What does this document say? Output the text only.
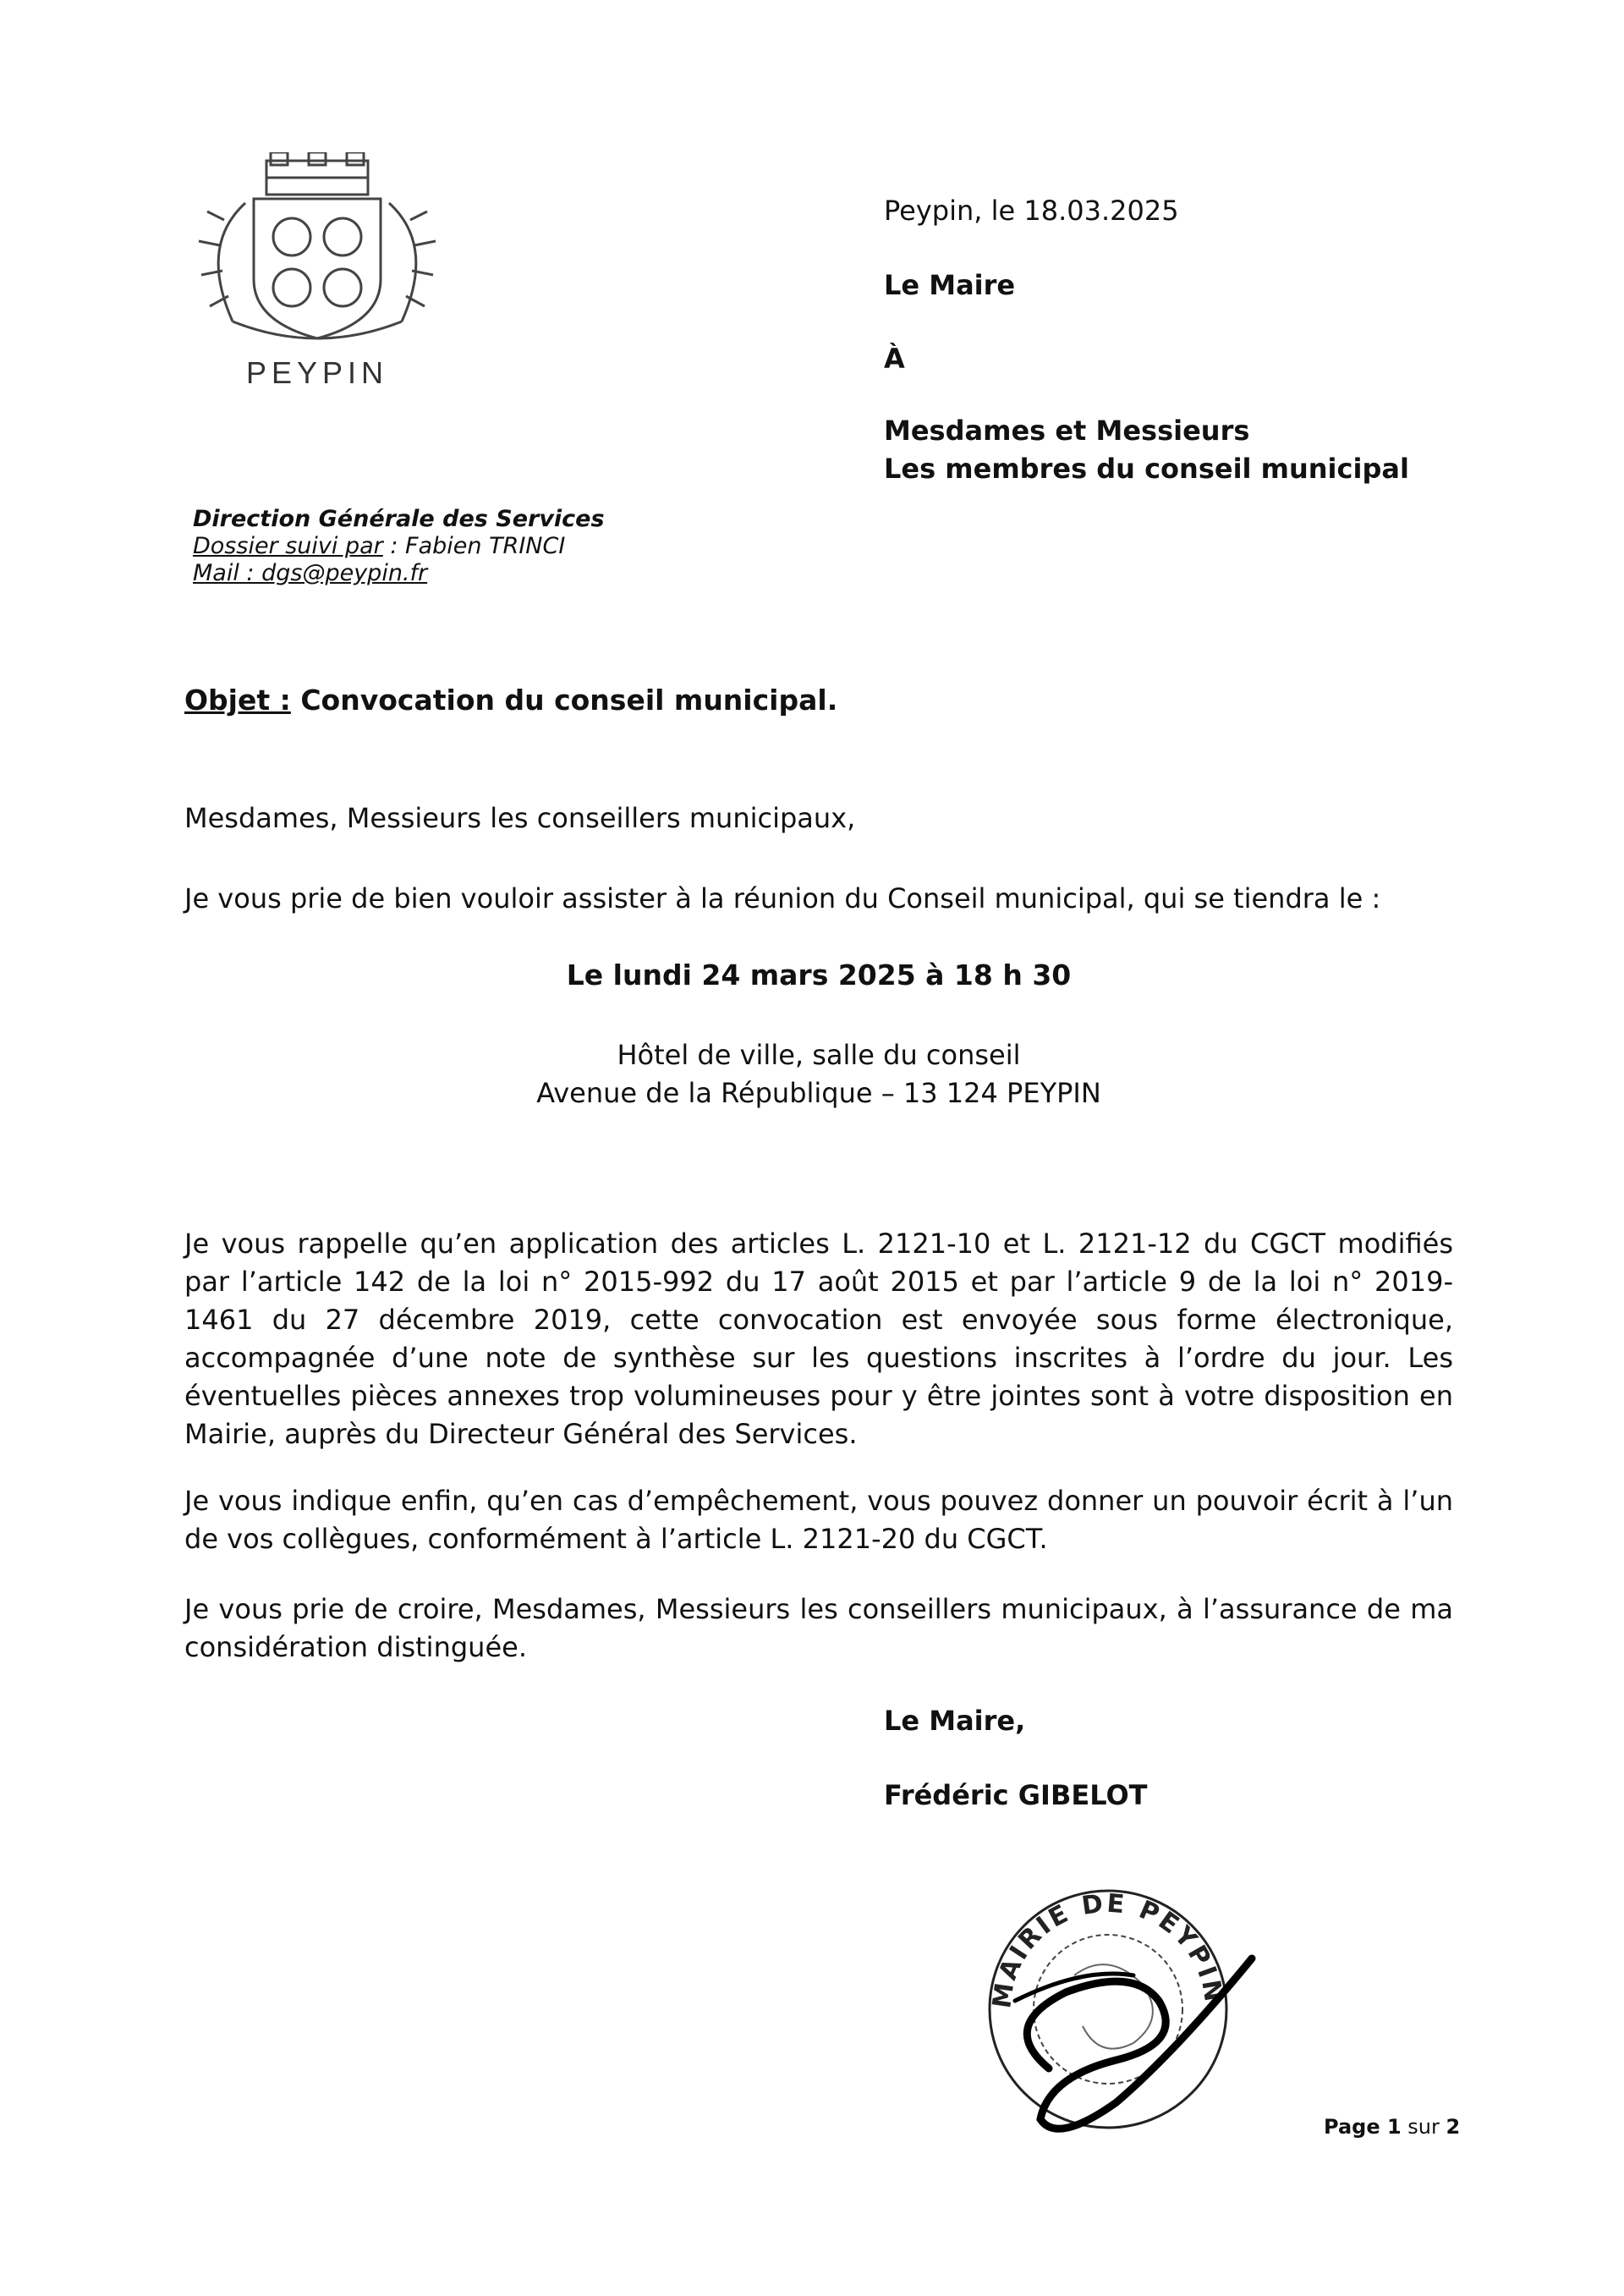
PEYPIN
Peypin, le 18.03.2025
Le Maire
À
Mesdames et Messieurs
Les membres du conseil municipal
Direction Générale des Services
Dossier suivi par : Fabien TRINCI
Mail : dgs@peypin.fr
Objet : Convocation du conseil municipal.
Mesdames, Messieurs les conseillers municipaux,
Je vous prie de bien vouloir assister à la réunion du Conseil municipal, qui se tiendra le :
Le lundi 24 mars 2025 à 18 h 30
Hôtel de ville, salle du conseil
Avenue de la République – 13 124 PEYPIN
Je vous rappelle qu’en application des articles L. 2121-10 et L. 2121-12 du CGCT modifiés par l’article 142 de la loi n° 2015-992 du 17 août 2015 et par l’article 9 de la loi n° 2019-1461 du 27 décembre 2019, cette convocation est envoyée sous forme électronique, accompagnée d’une note de synthèse sur les questions inscrites à l’ordre du jour. Les éventuelles pièces annexes trop volumineuses pour y être jointes sont à votre disposition en Mairie, auprès du Directeur Général des Services.
Je vous indique enfin, qu’en cas d’empêchement, vous pouvez donner un pouvoir écrit à l’un de vos collègues, conformément à l’article L. 2121-20 du CGCT.
Je vous prie de croire, Mesdames, Messieurs les conseillers municipaux, à l’assurance de ma considération distinguée.
Le Maire,
Frédéric GIBELOT
MAIRIE DE PEYPIN
Page 1 sur 2
